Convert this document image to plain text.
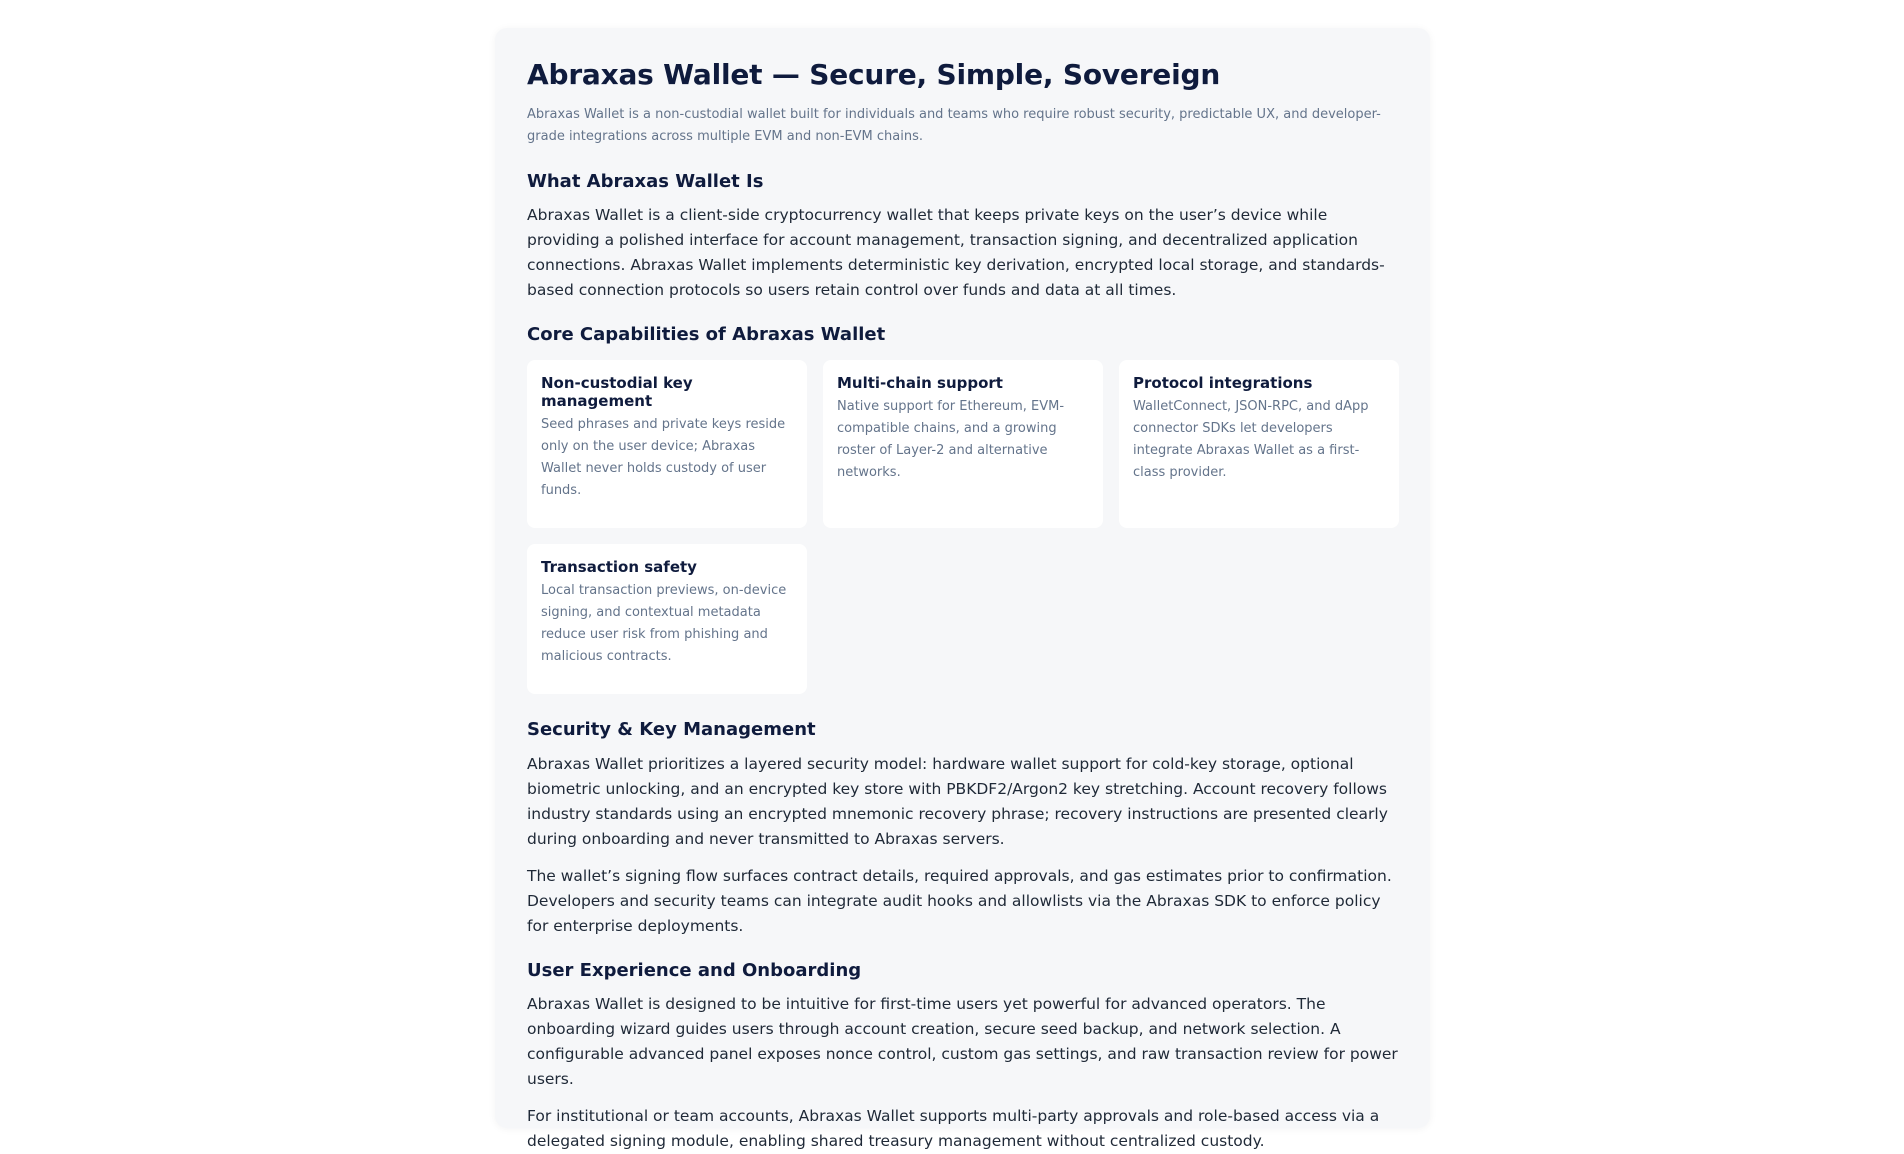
Abraxas Wallet — Secure, Simple, Sovereign

Abraxas Wallet is a non-custodial wallet built for individuals and teams who require robust security, predictable UX, and developer-grade integrations across multiple EVM and non-EVM chains.

What Abraxas Wallet Is

Abraxas Wallet is a client-side cryptocurrency wallet that keeps private keys on the user’s device while providing a polished interface for account management, transaction signing, and decentralized application connections. Abraxas Wallet implements deterministic key derivation, encrypted local storage, and standards-based connection protocols so users retain control over funds and data at all times.

Core Capabilities of Abraxas Wallet
Non-custodial key management
Seed phrases and private keys reside only on the user device; Abraxas Wallet never holds custody of user funds.
Multi-chain support
Native support for Ethereum, EVM-compatible chains, and a growing roster of Layer-2 and alternative networks.
Protocol integrations
WalletConnect, JSON-RPC, and dApp connector SDKs let developers integrate Abraxas Wallet as a first-class provider.
Transaction safety
Local transaction previews, on-device signing, and contextual metadata reduce user risk from phishing and malicious contracts.
Security & Key Management

Abraxas Wallet prioritizes a layered security model: hardware wallet support for cold-key storage, optional biometric unlocking, and an encrypted key store with PBKDF2/Argon2 key stretching. Account recovery follows industry standards using an encrypted mnemonic recovery phrase; recovery instructions are presented clearly during onboarding and never transmitted to Abraxas servers.

The wallet’s signing flow surfaces contract details, required approvals, and gas estimates prior to confirmation. Developers and security teams can integrate audit hooks and allowlists via the Abraxas SDK to enforce policy for enterprise deployments.

User Experience and Onboarding

Abraxas Wallet is designed to be intuitive for first-time users yet powerful for advanced operators. The onboarding wizard guides users through account creation, secure seed backup, and network selection. A configurable advanced panel exposes nonce control, custom gas settings, and raw transaction review for power users.

For institutional or team accounts, Abraxas Wallet supports multi-party approvals and role-based access via a delegated signing module, enabling shared treasury management without centralized custody.
